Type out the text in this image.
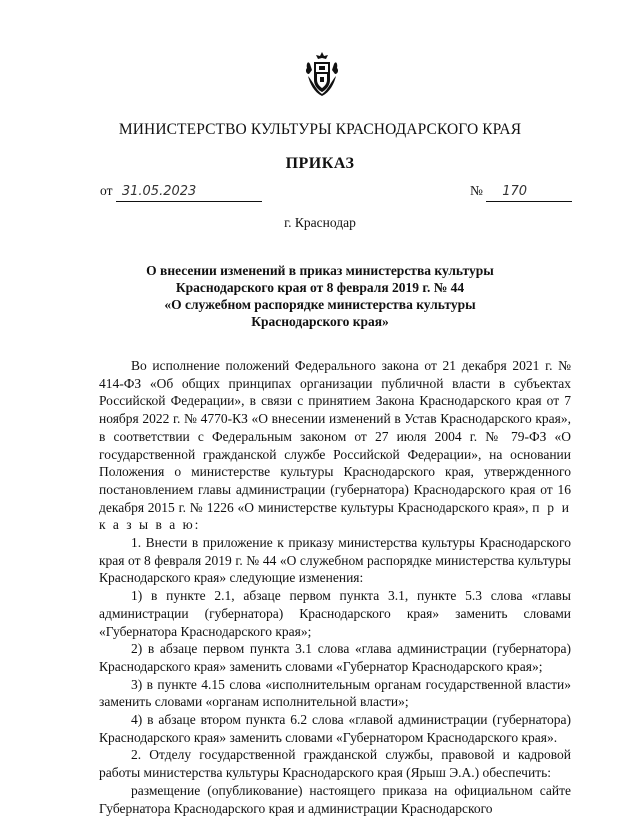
МИНИСТЕРСТВО КУЛЬТУРЫ КРАСНОДАРСКОГО КРАЯ
ПРИКАЗ
от 31.05.2023	№ 170
г. Краснодар
О внесении изменений в приказ министерства культуры
Краснодарского края от 8 февраля 2019 г. № 44
«О служебном распорядке министерства культуры
Краснодарского края»

Во исполнение положений Федерального закона от 21 декабря 2021 г. № 414-ФЗ «Об общих принципах организации публичной власти в субъектах Российской Федерации», в связи с принятием Закона Краснодарского края от 7 ноября 2022 г. № 4770-КЗ «О внесении изменений в Устав Краснодарского края», в соответствии с Федеральным законом от 27 июля 2004 г. № 79-ФЗ «О государственной гражданской службе Российской Федерации», на основании Положения о министерстве культуры Краснодарского края, утвержденного постановлением главы администрации (губернатора) Краснодарского края от 16 декабря 2015 г. № 1226 «О министерстве культуры Краснодарского края», п р и к а з ы в а ю:

1. Внести в приложение к приказу министерства культуры Краснодарского края от 8 февраля 2019 г. № 44 «О служебном распорядке министерства культуры Краснодарского края» следующие изменения:

1) в пункте 2.1, абзаце первом пункта 3.1, пункте 5.3 слова «главы администрации (губернатора) Краснодарского края» заменить словами «Губернатора Краснодарского края»;

2) в абзаце первом пункта 3.1 слова «глава администрации (губернатора) Краснодарского края» заменить словами «Губернатор Краснодарского края»;

3) в пункте 4.15 слова «исполнительным органам государственной власти» заменить словами «органам исполнительной власти»;

4) в абзаце втором пункта 6.2 слова «главой администрации (губернатора) Краснодарского края» заменить словами «Губернатором Краснодарского края».

2. Отделу государственной гражданской службы, правовой и кадровой работы министерства культуры Краснодарского края (Ярыш Э.А.) обеспечить:

размещение (опубликование) настоящего приказа на официальном сайте Губернатора Краснодарского края и администрации Краснодарского
